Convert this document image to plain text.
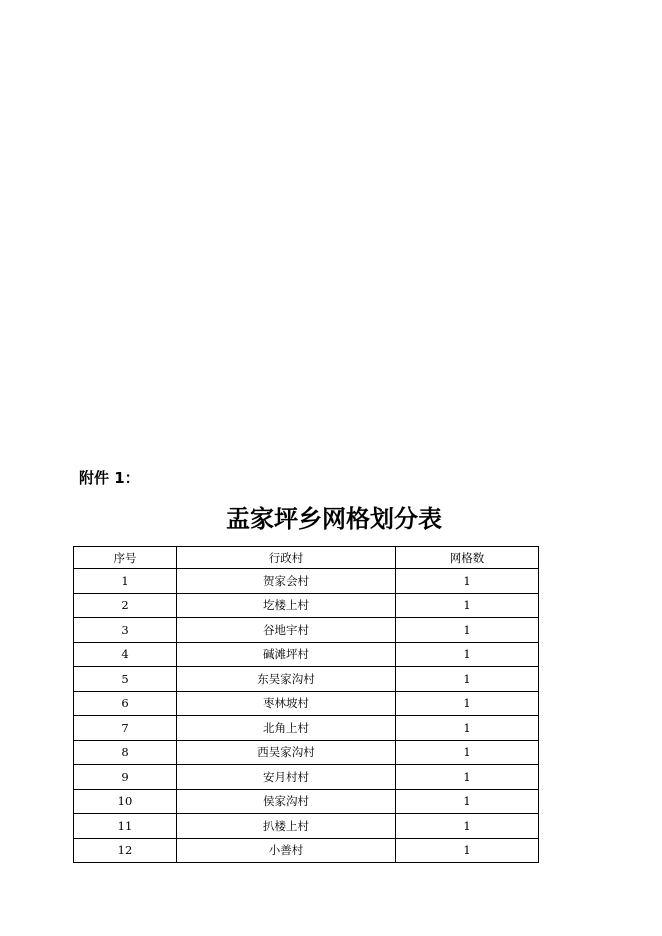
附件 1：
盂家坪乡网格划分表
序号	行政村	网格数
1	贺家会村	1
2	圪楼上村	1
3	谷地宇村	1
4	碱滩坪村	1
5	东吴家沟村	1
6	枣林坡村	1
7	北角上村	1
8	西吴家沟村	1
9	安月村村	1
10	侯家沟村	1
11	扒楼上村	1
12	小善村	1
